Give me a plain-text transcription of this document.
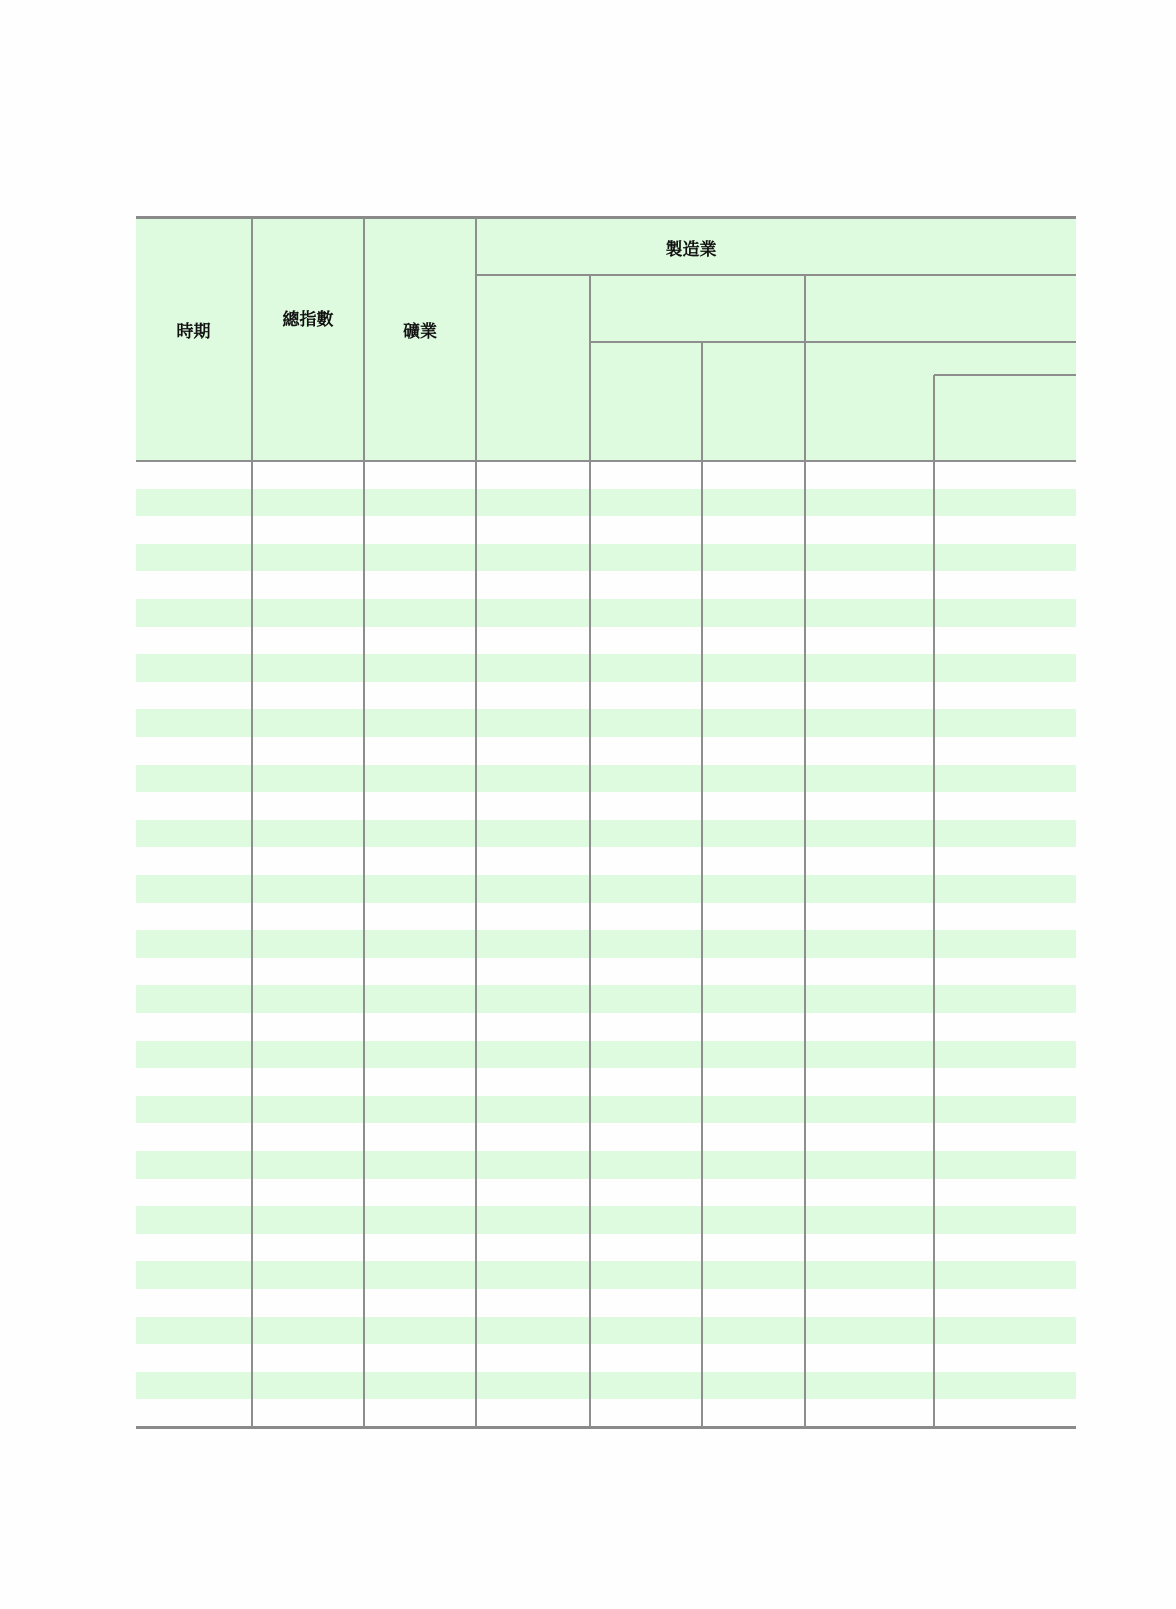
時期
總指數
礦業
製造業
